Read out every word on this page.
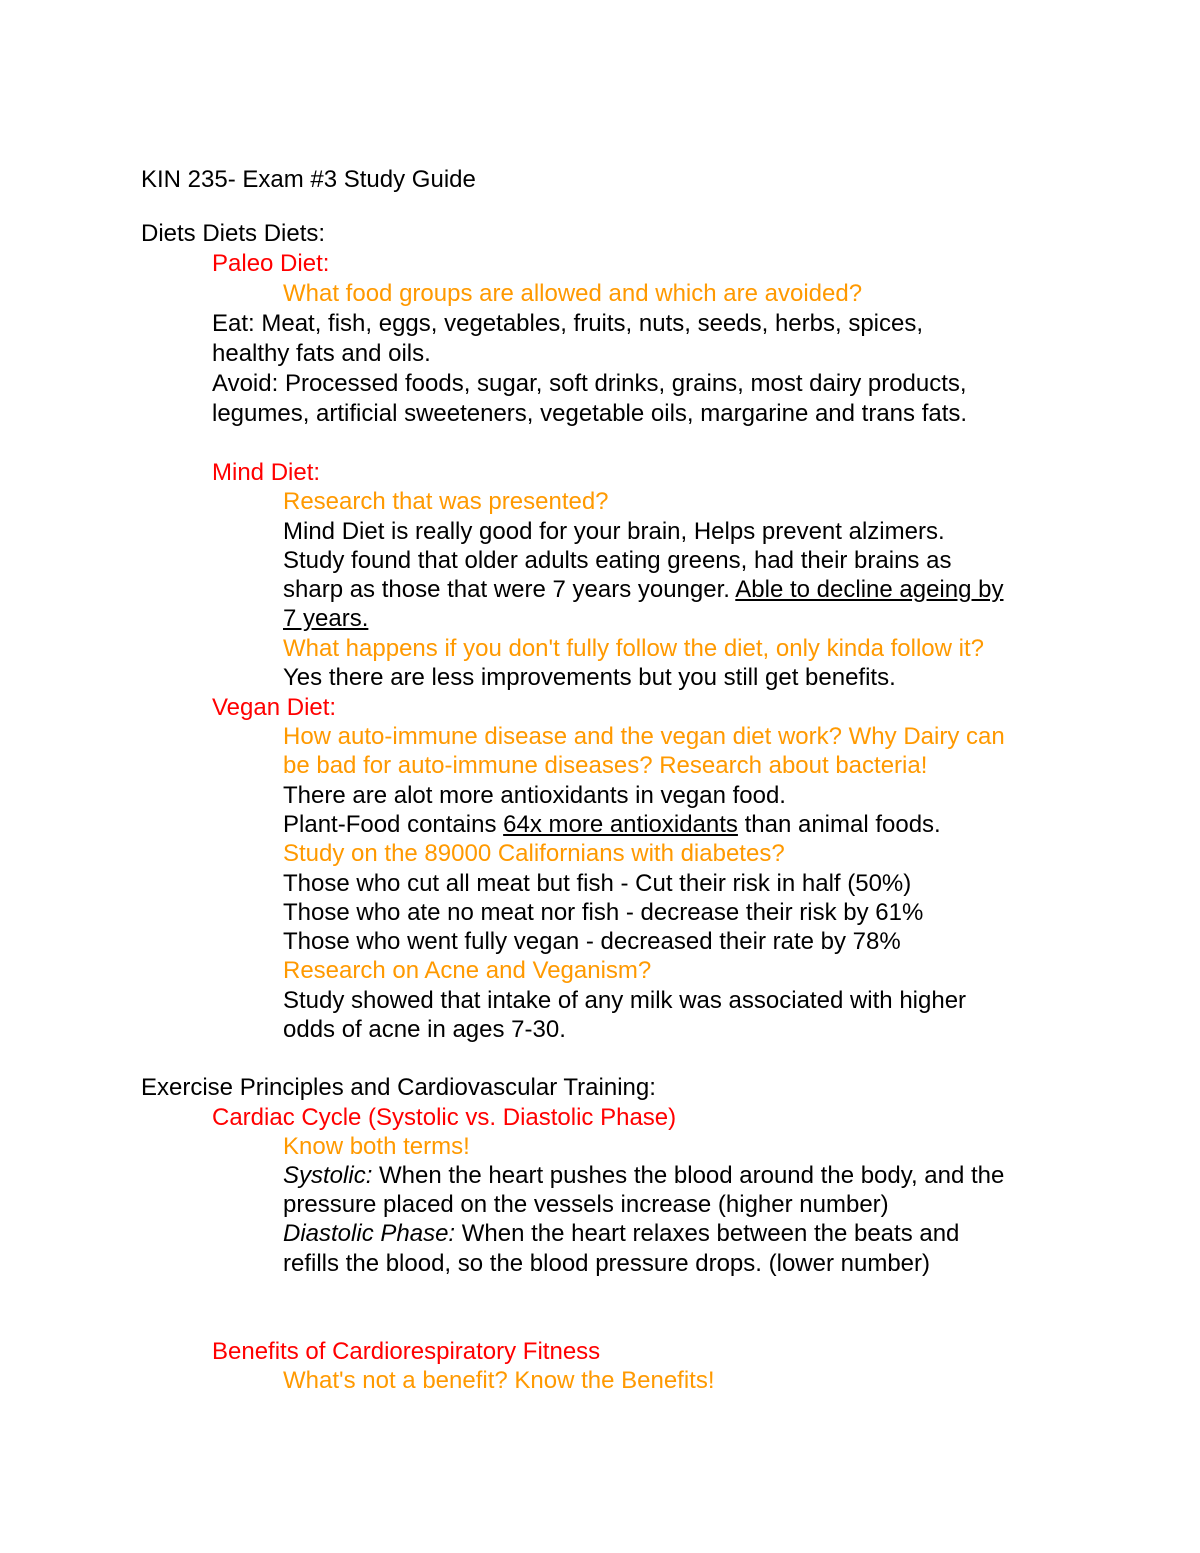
KIN 235- Exam #3 Study Guide
Diets Diets Diets:
Paleo Diet:
What food groups are allowed and which are avoided?
Eat: Meat, fish, eggs, vegetables, fruits, nuts, seeds, herbs, spices,
healthy fats and oils.
Avoid: Processed foods, sugar, soft drinks, grains, most dairy products,
legumes, artificial sweeteners, vegetable oils, margarine and trans fats.
Mind Diet:
Research that was presented?
Mind Diet is really good for your brain, Helps prevent alzimers.
Study found that older adults eating greens, had their brains as
sharp as those that were 7 years younger. Able to decline ageing by
7 years.
What happens if you don't fully follow the diet, only kinda follow it?
Yes there are less improvements but you still get benefits.
Vegan Diet:
How auto-immune disease and the vegan diet work? Why Dairy can
be bad for auto-immune diseases? Research about bacteria!
There are alot more antioxidants in vegan food.
Plant-Food contains 64x more antioxidants than animal foods.
Study on the 89000 Californians with diabetes?
Those who cut all meat but fish - Cut their risk in half (50%)
Those who ate no meat nor fish - decrease their risk by 61%
Those who went fully vegan - decreased their rate by 78%
Research on Acne and Veganism?
Study showed that intake of any milk was associated with higher
odds of acne in ages 7-30.
Exercise Principles and Cardiovascular Training:
Cardiac Cycle (Systolic vs. Diastolic Phase)
Know both terms!
Systolic: When the heart pushes the blood around the body, and the
pressure placed on the vessels increase (higher number)
Diastolic Phase: When the heart relaxes between the beats and
refills the blood, so the blood pressure drops. (lower number)
Benefits of Cardiorespiratory Fitness
What's not a benefit? Know the Benefits!
